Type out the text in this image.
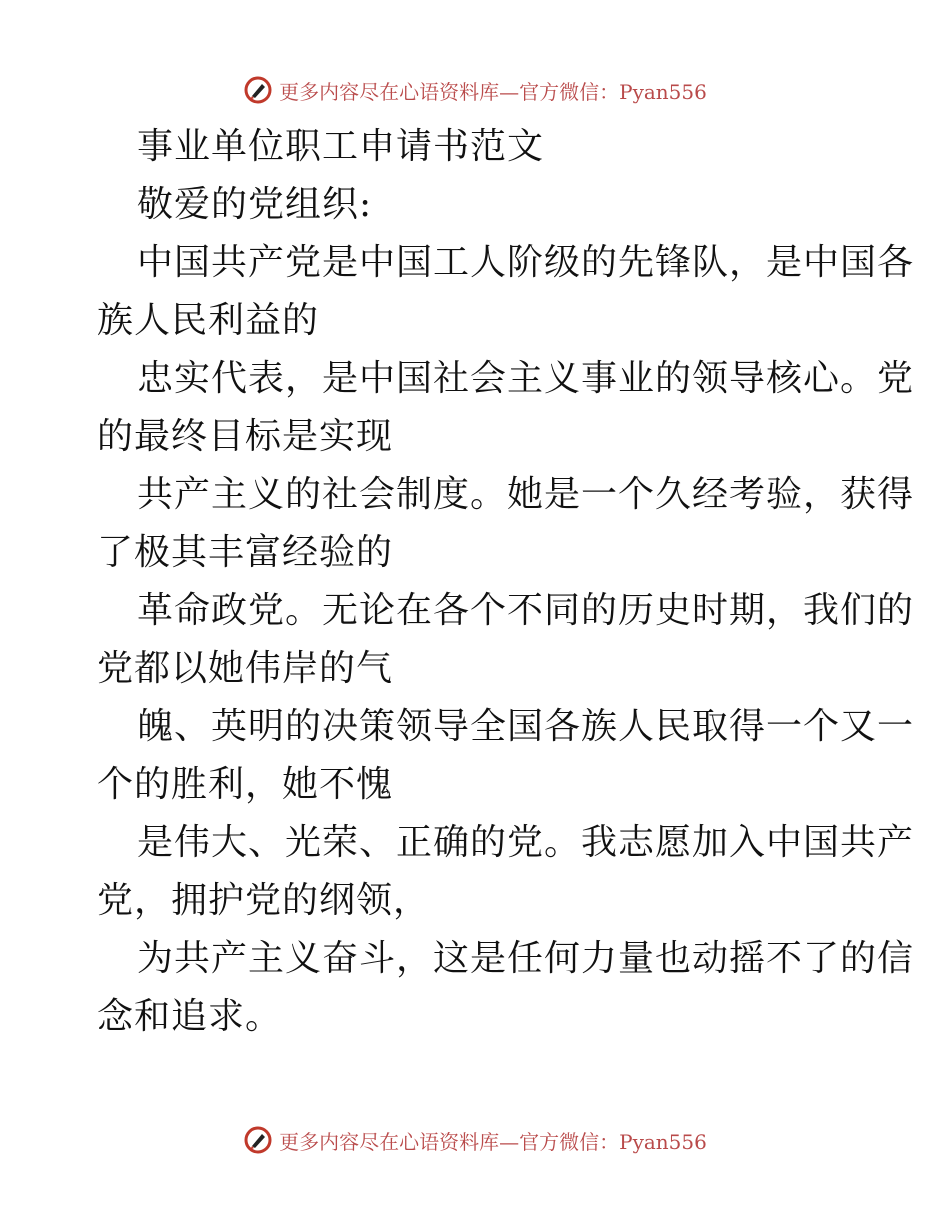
更多内容尽在心语资料库—官方微信：Pyan556
事业单位职工申请书范文
敬爱的党组织:
中国共产党是中国工人阶级的先锋队，是中国各
族人民利益的
忠实代表，是中国社会主义事业的领导核心。党
的最终目标是实现
共产主义的社会制度。她是一个久经考验，获得
了极其丰富经验的
革命政党。无论在各个不同的历史时期，我们的
党都以她伟岸的气
魄、英明的决策领导全国各族人民取得一个又一
个的胜利，她不愧
是伟大、光荣、正确的党。我志愿加入中国共产
党，拥护党的纲领，
为共产主义奋斗，这是任何力量也动摇不了的信
念和追求。
更多内容尽在心语资料库—官方微信：Pyan556
